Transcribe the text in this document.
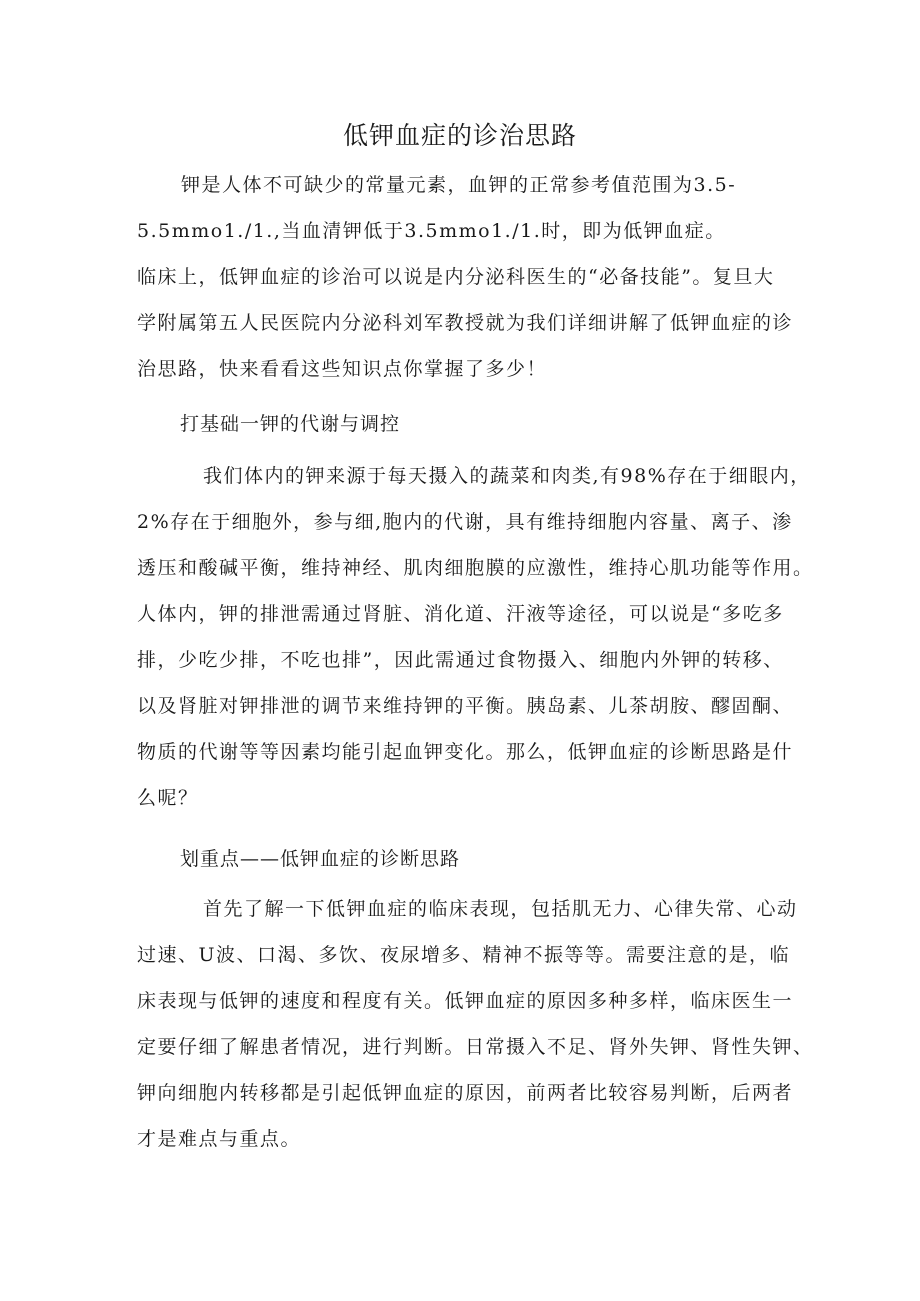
低钾血症的诊治思路

钾是人体不可缺少的常量元素，血钾的正常参考值范围为3.5-
5.5mmo1./1.,当血清钾低于3.5mmo1./1.时，即为低钾血症。
临床上，低钾血症的诊治可以说是内分泌科医生的“必备技能”。复旦大
学附属第五人民医院内分泌科刘军教授就为我们详细讲解了低钾血症的诊
治思路，快来看看这些知识点你掌握了多少！

打基础一钾的代谢与调控

我们体内的钾来源于每天摄入的蔬菜和肉类,有98%存在于细眼内，
2%存在于细胞外，参与细,胞内的代谢，具有维持细胞内容量、离子、渗
透压和酸碱平衡，维持神经、肌肉细胞膜的应激性，维持心肌功能等作用。
人体内，钾的排泄需通过肾脏、消化道、汗液等途径，可以说是“多吃多
排，少吃少排，不吃也排”，因此需通过食物摄入、细胞内外钾的转移、
以及肾脏对钾排泄的调节来维持钾的平衡。胰岛素、儿茶胡胺、醪固酮、
物质的代谢等等因素均能引起血钾变化。那么，低钾血症的诊断思路是什
么呢？

划重点——低钾血症的诊断思路

首先了解一下低钾血症的临床表现，包括肌无力、心律失常、心动
过速、U波、口渴、多饮、夜尿增多、精神不振等等。需要注意的是，临
床表现与低钾的速度和程度有关。低钾血症的原因多种多样，临床医生一
定要仔细了解患者情况，进行判断。日常摄入不足、肾外失钾、肾性失钾、
钾向细胞内转移都是引起低钾血症的原因，前两者比较容易判断，后两者
才是难点与重点。
